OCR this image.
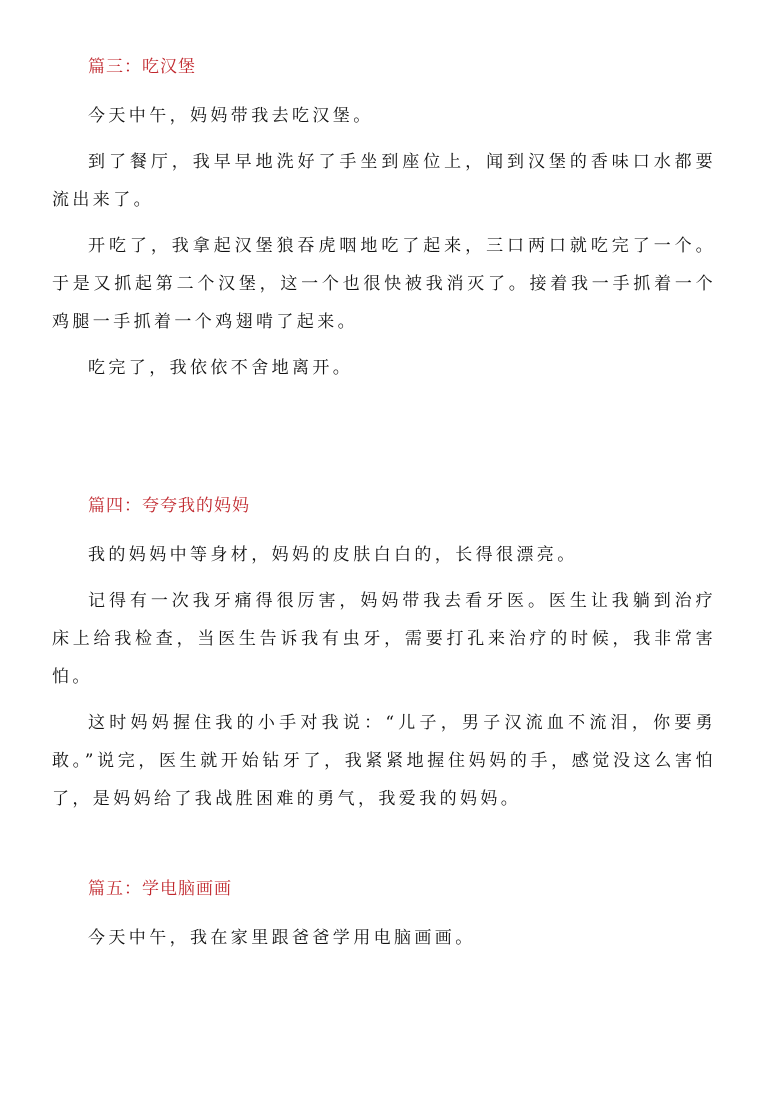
篇三：吃汉堡

今天中午，妈妈带我去吃汉堡。

到了餐厅，我早早地洗好了手坐到座位上，闻到汉堡的香味口水都要流出来了。

开吃了，我拿起汉堡狼吞虎咽地吃了起来，三口两口就吃完了一个。于是又抓起第二个汉堡，这一个也很快被我消灭了。接着我一手抓着一个鸡腿一手抓着一个鸡翅啃了起来。

吃完了，我依依不舍地离开。

篇四：夸夸我的妈妈

我的妈妈中等身材，妈妈的皮肤白白的，长得很漂亮。

记得有一次我牙痛得很厉害，妈妈带我去看牙医。医生让我躺到治疗床上给我检查，当医生告诉我有虫牙，需要打孔来治疗的时候，我非常害怕。

这时妈妈握住我的小手对我说：“儿子，男子汉流血不流泪，你要勇敢。”说完，医生就开始钻牙了，我紧紧地握住妈妈的手，感觉没这么害怕了，是妈妈给了我战胜困难的勇气，我爱我的妈妈。

篇五：学电脑画画

今天中午，我在家里跟爸爸学用电脑画画。
